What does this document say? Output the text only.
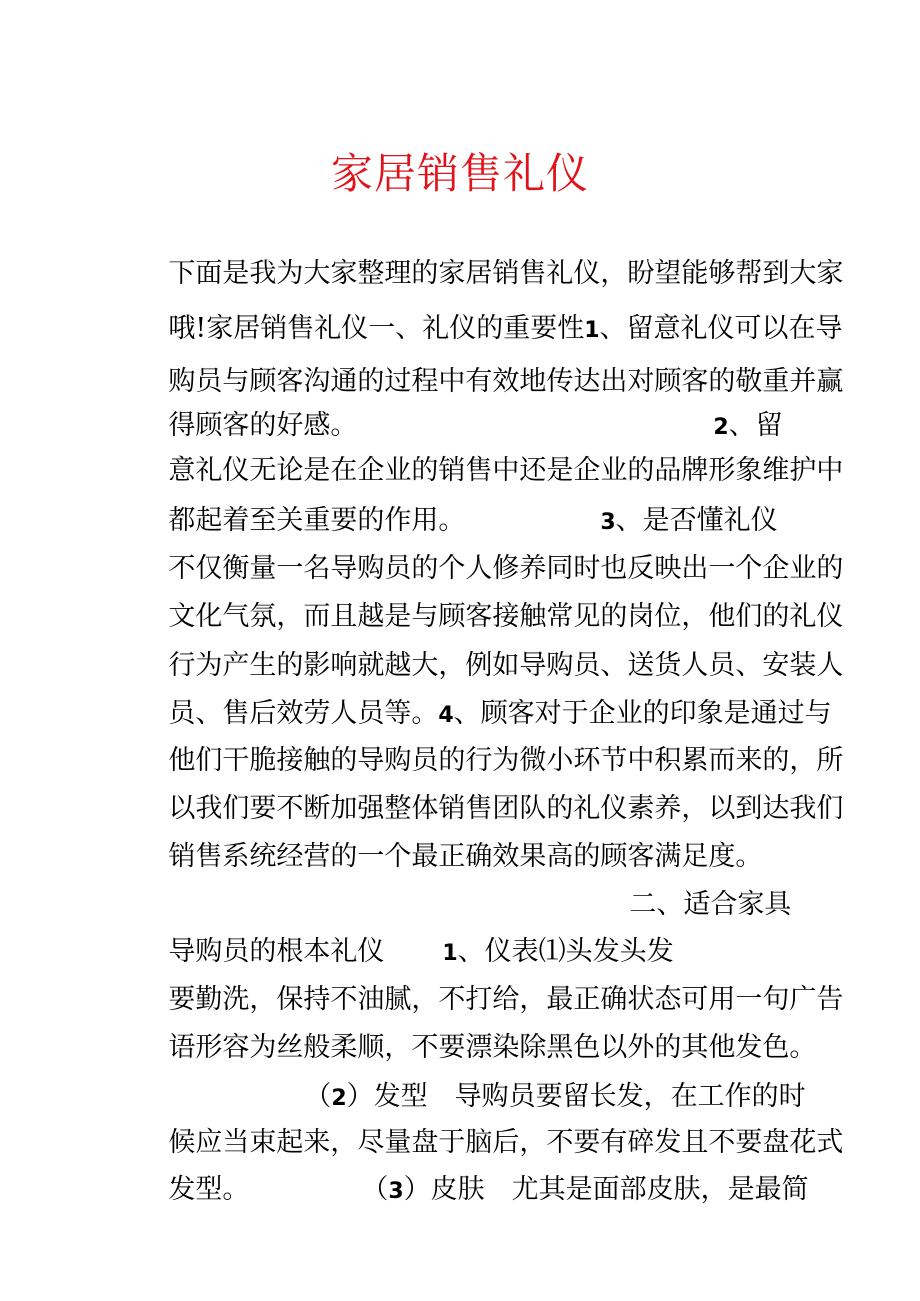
家居销售礼仪

下面是我为大家整理的家居销售礼仪，盼望能够帮到大家

哦!家居销售礼仪一、礼仪的重要性1、留意礼仪可以在导

购员与顾客沟通的过程中有效地传达出对顾客的敬重并赢

得顾客的好感。
	2、留

意礼仪无论是在企业的销售中还是企业的品牌形象维护中

都起着至关重要的作用。
	3、是否懂礼仪

不仅衡量一名导购员的个人修养同时也反映出一个企业的

文化气氛，而且越是与顾客接触常见的岗位，他们的礼仪

行为产生的影响就越大，例如导购员、送货人员、安装人

员、售后效劳人员等。4、顾客对于企业的印象是通过与

他们干脆接触的导购员的行为微小环节中积累而来的，所

以我们要不断加强整体销售团队的礼仪素养，以到达我们

销售系统经营的一个最正确效果高的顾客满足度。

二、适合家具

导购员的根本礼仪
	1、仪表⑴头发头发

要勤洗，保持不油腻，不打给，最正确状态可用一句广告

语形容为丝般柔顺，不要漂染除黑色以外的其他发色。

（2）发型　导购员要留长发，在工作的时

候应当束起来，尽量盘于脑后，不要有碎发且不要盘花式

发型。
	（3）皮肤　尤其是面部皮肤，是最简
